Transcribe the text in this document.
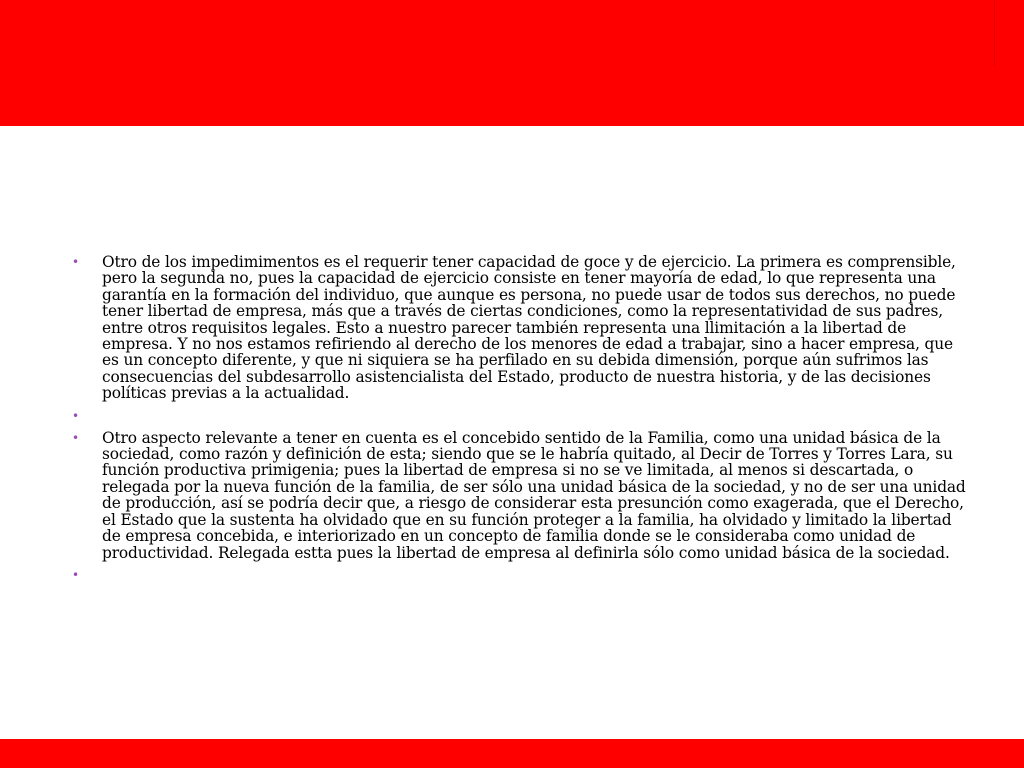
• Otro de los impedimimentos es el requerir tener capacidad de goce y de ejercicio. La primera es comprensible, pero la segunda no, pues la capacidad de ejercicio consiste en tener mayoría de edad, lo que representa una garantía en la formación del individuo, que aunque es persona, no puede usar de todos sus derechos, no puede tener libertad de empresa, más que a través de ciertas condiciones, como la representatividad de sus padres, entre otros requisitos legales. Esto a nuestro parecer también representa una llimitación a la libertad de empresa. Y no nos estamos refiriendo al derecho de los menores de edad a trabajar, sino a hacer empresa, que es un concepto diferente, y que ni siquiera se ha perfilado en su debida dimensión, porque aún sufrimos las consecuencias del subdesarrollo asistencialista del Estado, producto de nuestra historia, y de las decisiones políticas previas a la actualidad.
•
• Otro aspecto relevante a tener en cuenta es el concebido sentido de la Familia, como una unidad básica de la sociedad, como razón y definición de esta; siendo que se le habría quitado, al Decir de Torres y Torres Lara, su función productiva primigenia; pues la libertad de empresa si no se ve limitada, al menos si descartada, o relegada por la nueva función de la familia, de ser sólo una unidad básica de la sociedad, y no de ser una unidad de producción, así se podría decir que, a riesgo de considerar esta presunción como exagerada, que el Derecho, el Estado que la sustenta ha olvidado que en su función proteger a la familia, ha olvidado y limitado la libertad de empresa concebida, e interiorizado en un concepto de familia donde se le consideraba como unidad de productividad. Relegada estta pues la libertad de empresa al definirla sólo como unidad básica de la sociedad.
•
